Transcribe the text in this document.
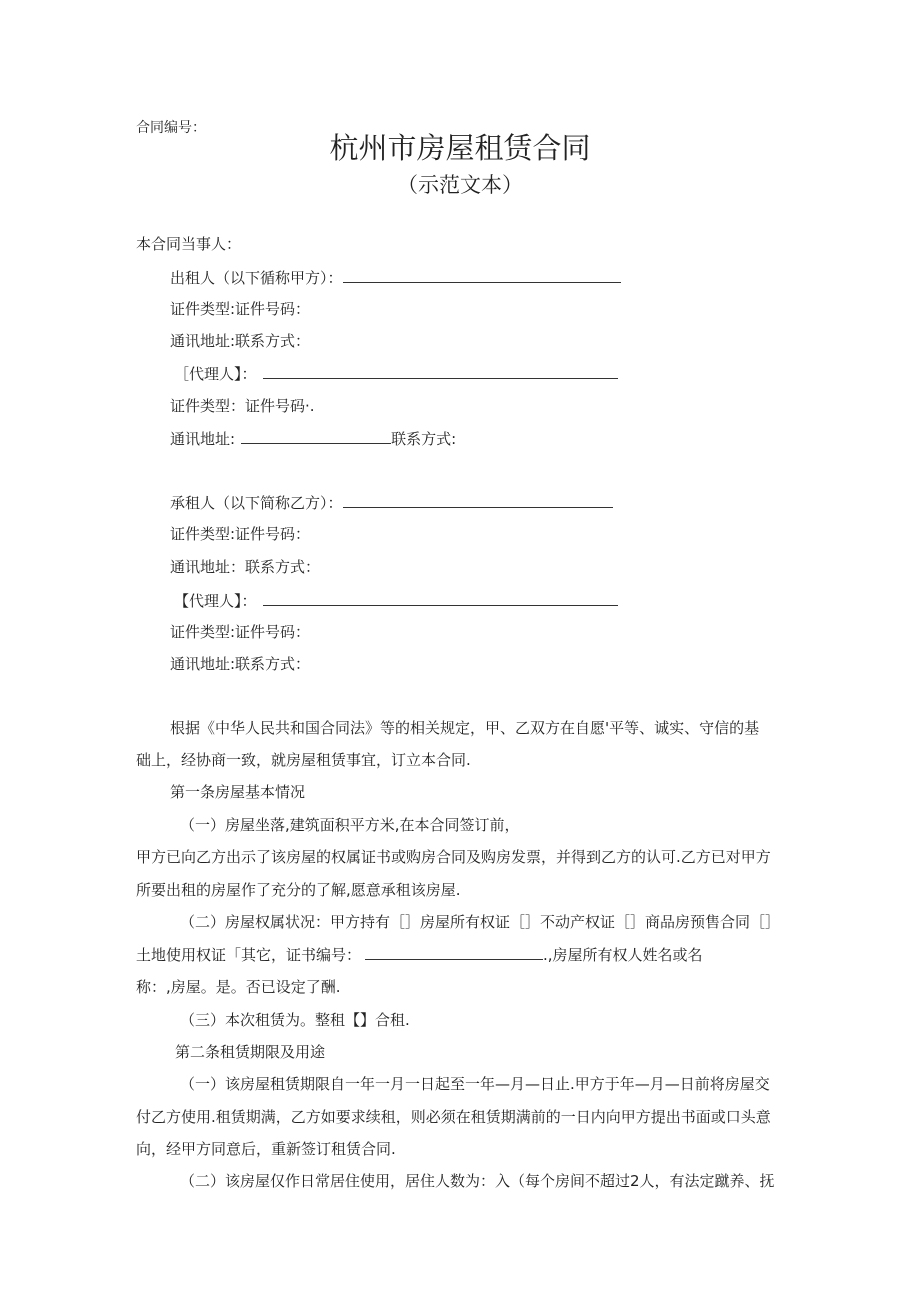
合同编号：
杭州市房屋租赁合同
（示范文本）
本合同当事人：
出租人（以下循称甲方）：
证件类型:证件号码：
通讯地址:联系方式：
［代理人】：
证件类型：证件号码·.
通讯地址:	联系方式:
承租人（以下简称乙方）：
证件类型:证件号码：
通讯地址：联系方式：
【代理人】：
证件类型:证件号码：
通讯地址:联系方式：
根据《中华人民共和国合同法》等的相关规定，甲、乙双方在自愿'平等、诚实、守信的基
础上，经协商一致，就房屋租赁事宜，订立本合同.
第一条房屋基本情况
（一）房屋坐落,建筑面积平方米,在本合同签订前，
甲方已向乙方出示了该房屋的权属证书或购房合同及购房发票，并得到乙方的认可.乙方已对甲方
所要出租的房屋作了充分的了解,愿意承租该房屋.
（二）房屋权属状况：甲方持有［］房屋所有权证［］不动产权证［］商品房预售合同［］
土地使用权证「其它，证书编号：	.,房屋所有权人姓名或名
称：,房屋。是。否已设定了酬.
（三）本次租赁为。整租【】合租.
第二条租赁期限及用途
（一）该房屋租赁期限自一年一月一日起至一年—月—日止.甲方于年—月—日前将房屋交
付乙方使用.租赁期满，乙方如要求续租，则必须在租赁期满前的一日内向甲方提出书面或口头意
向，经甲方同意后，重新签订租赁合同.
（二）该房屋仅作日常居住使用，居住人数为：入（每个房间不超过2人，有法定蹴养、抚
